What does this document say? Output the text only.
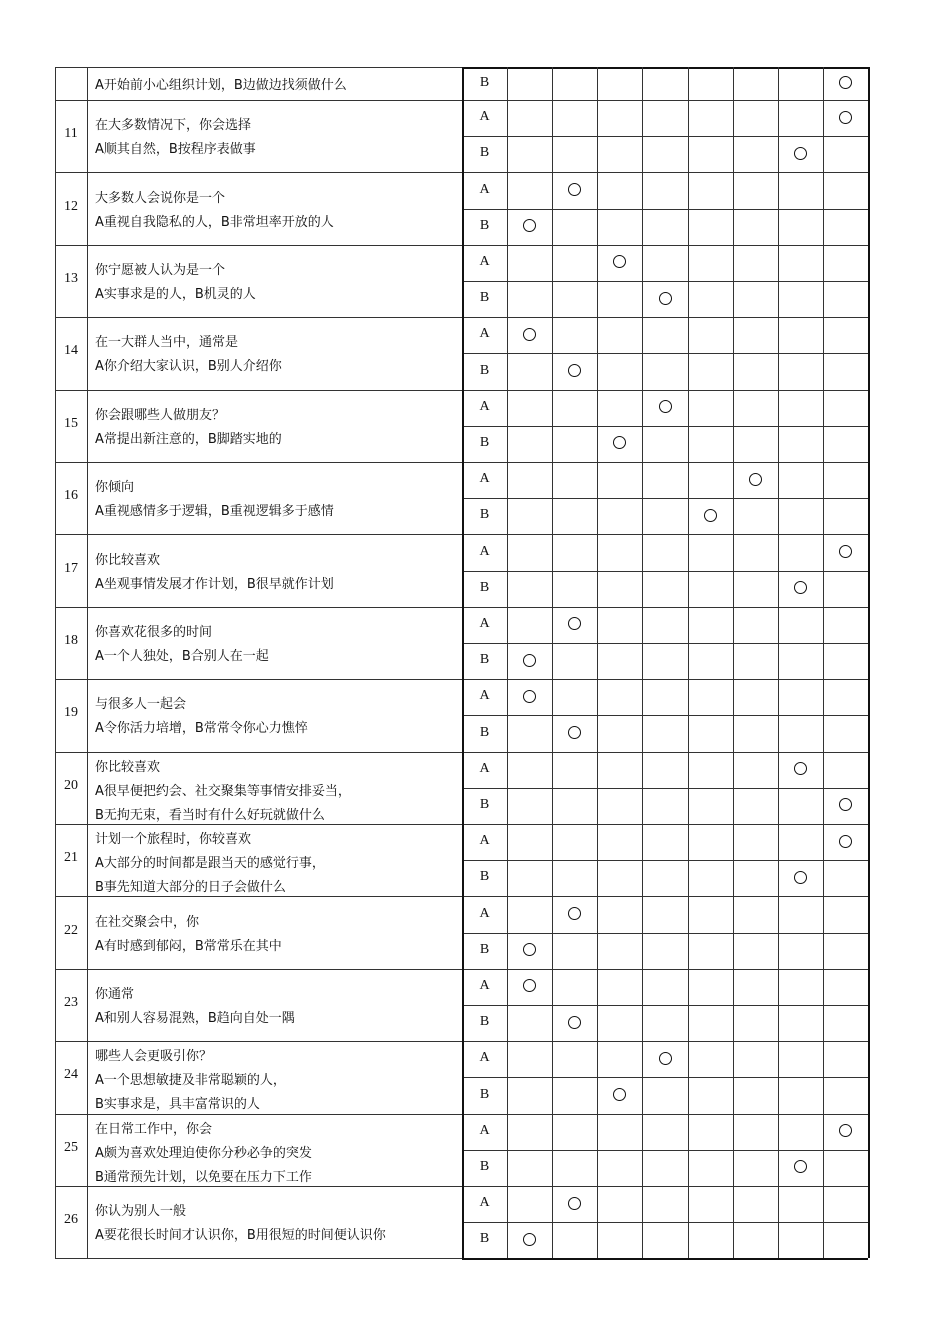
A开始前小心组织计划，B边做边找须做什么	B
11
在大多数情况下，你会选择
A顺其自然，B按程序表做事
A
B
12
大多数人会说你是一个
A重视自我隐私的人，B非常坦率开放的人
A
B
13
你宁愿被人认为是一个
A实事求是的人，B机灵的人
A
B
14
在一大群人当中，通常是
A你介绍大家认识，B别人介绍你
A
B
15
你会跟哪些人做朋友？
A常提出新注意的，B脚踏实地的
A
B
16
你倾向
A重视感情多于逻辑，B重视逻辑多于感情
A
B
17
你比较喜欢
A坐观事情发展才作计划，B很早就作计划
A
B
18
你喜欢花很多的时间
A一个人独处，B合别人在一起
A
B
19
与很多人一起会
A令你活力培增，B常常令你心力憔悴
A
B
20
你比较喜欢
A很早便把约会、社交聚集等事情安排妥当，
B无拘无束，看当时有什么好玩就做什么
A
B
21
计划一个旅程时，你较喜欢
A大部分的时间都是跟当天的感觉行事，
B事先知道大部分的日子会做什么
A
B
22
在社交聚会中，你
A有时感到郁闷，B常常乐在其中
A
B
23
你通常
A和别人容易混熟，B趋向自处一隅
A
B
24
哪些人会更吸引你？
A一个思想敏捷及非常聪颖的人，
B实事求是，具丰富常识的人
A
B
25
在日常工作中，你会
A颇为喜欢处理迫使你分秒必争的突发
B通常预先计划，以免要在压力下工作
A
B
26
你认为别人一般
A要花很长时间才认识你，B用很短的时间便认识你
A
B
